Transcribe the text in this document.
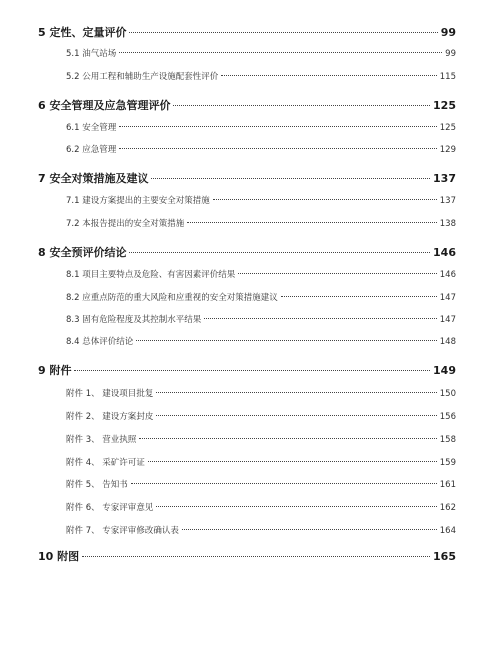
5 定性、定量评价	99
5.1 油气站场	99
5.2 公用工程和辅助生产设施配套性评价	115
6 安全管理及应急管理评价	125
6.1 安全管理	125
6.2 应急管理	129
7 安全对策措施及建议	137
7.1 建设方案提出的主要安全对策措施	137
7.2 本报告提出的安全对策措施	138
8 安全预评价结论	146
8.1 项目主要特点及危险、有害因素评价结果	146
8.2 应重点防范的重大风险和应重视的安全对策措施建议	147
8.3 固有危险程度及其控制水平结果	147
8.4 总体评价结论	148
9 附件	149
附件 1、 建设项目批复	150
附件 2、 建设方案封皮	156
附件 3、 营业执照	158
附件 4、 采矿许可证	159
附件 5、 告知书	161
附件 6、 专家评审意见	162
附件 7、 专家评审修改确认表	164
10 附图	165
